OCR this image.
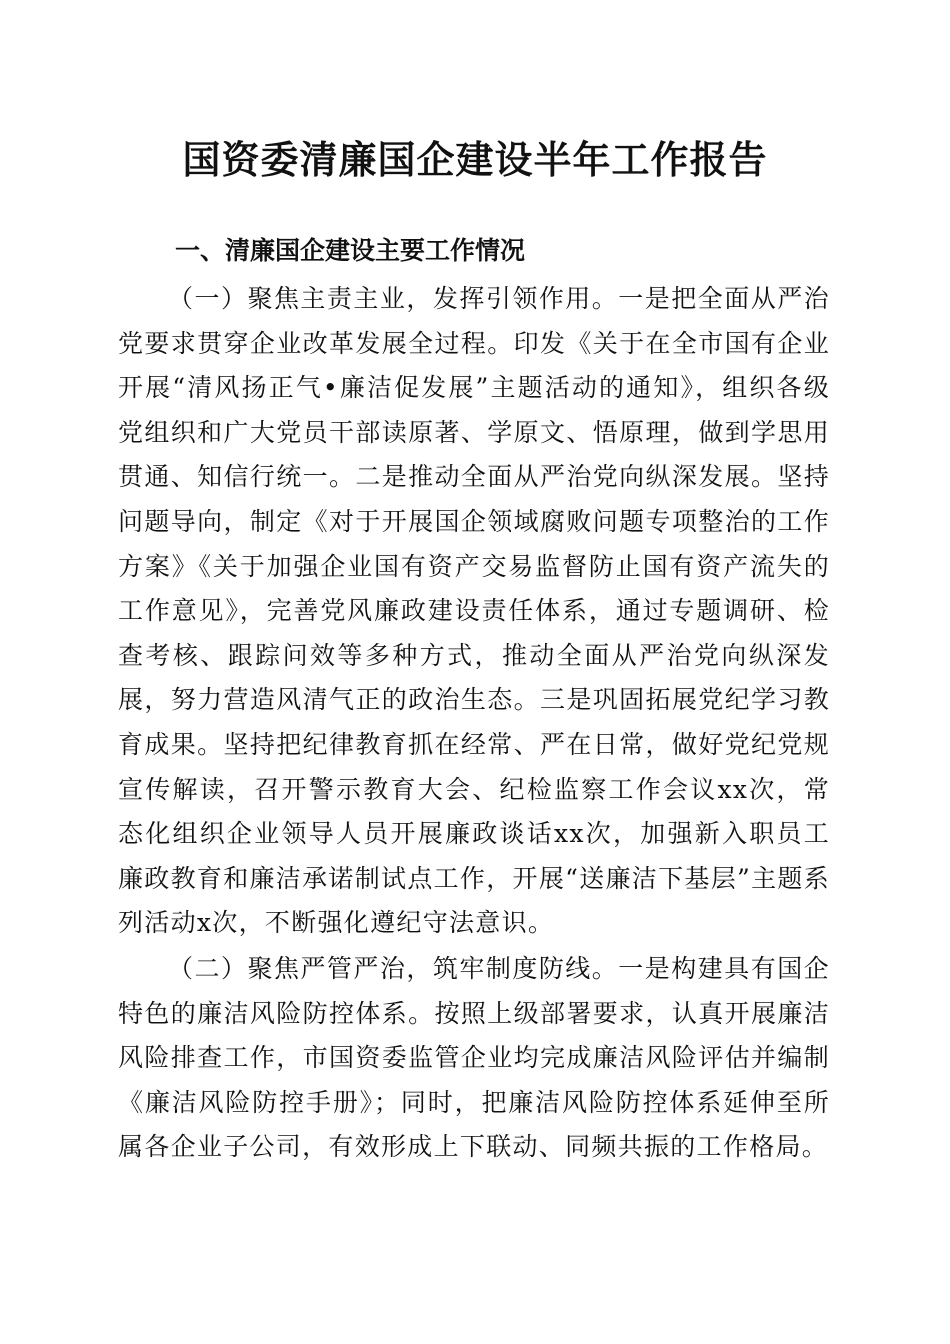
国资委清廉国企建设半年工作报告
一、清廉国企建设主要工作情况

（一）聚焦主责主业，发挥引领作用。一是把全面从严治党要求贯穿企业改革发展全过程。印发《关于在全市国有企业开展“清风扬正气•廉洁促发展”主题活动的通知》，组织各级党组织和广大党员干部读原著、学原文、悟原理，做到学思用贯通、知信行统一。二是推动全面从严治党向纵深发展。坚持问题导向，制定《对于开展国企领域腐败问题专项整治的工作方案》《关于加强企业国有资产交易监督防止国有资产流失的工作意见》，完善党风廉政建设责任体系，通过专题调研、检查考核、跟踪问效等多种方式，推动全面从严治党向纵深发展，努力营造风清气正的政治生态。三是巩固拓展党纪学习教育成果。坚持把纪律教育抓在经常、严在日常，做好党纪党规宣传解读，召开警示教育大会、纪检监察工作会议xx次，常态化组织企业领导人员开展廉政谈话xx次，加强新入职员工廉政教育和廉洁承诺制试点工作，开展“送廉洁下基层”主题系列活动x次，不断强化遵纪守法意识。

（二）聚焦严管严治，筑牢制度防线。一是构建具有国企特色的廉洁风险防控体系。按照上级部署要求，认真开展廉洁风险排查工作，市国资委监管企业均完成廉洁风险评估并编制《廉洁风险防控手册》；同时，把廉洁风险防控体系延伸至所属各企业子公司，有效形成上下联动、同频共振的工作格局。
